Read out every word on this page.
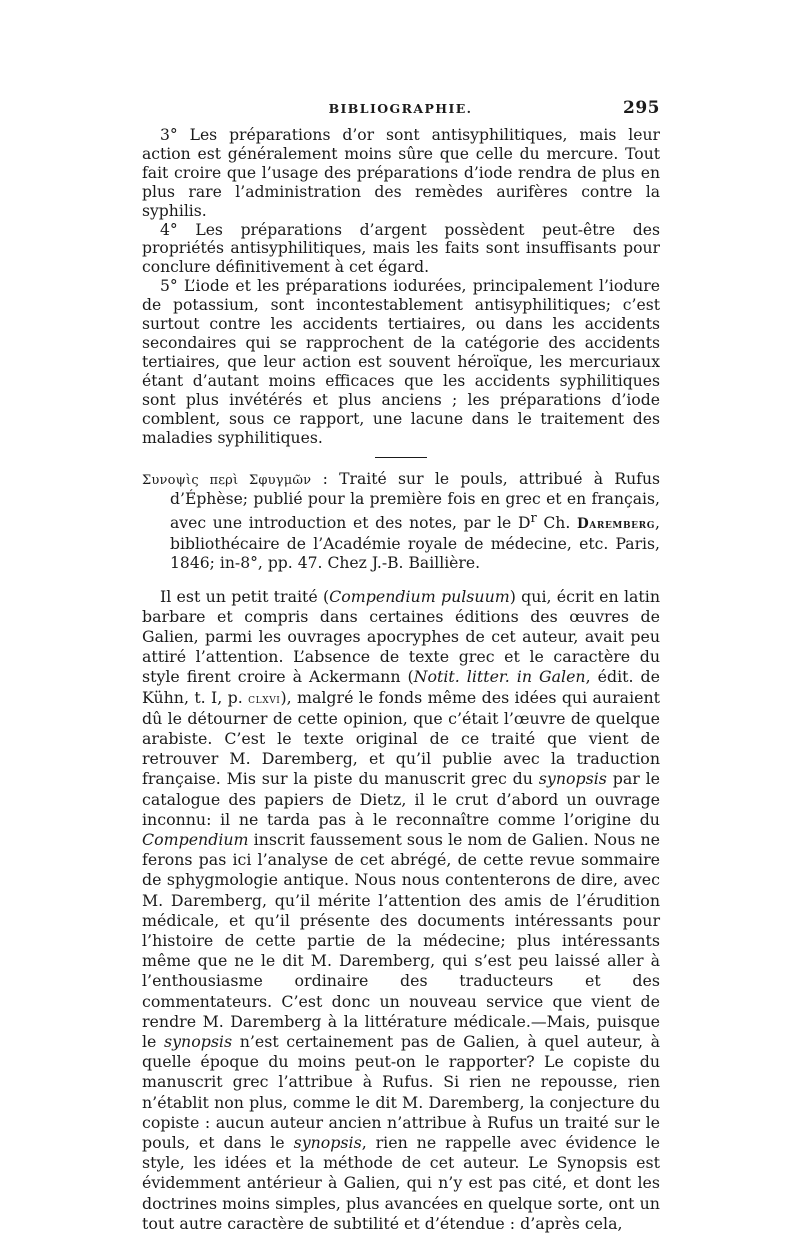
BIBLIOGRAPHIE.	295

3° Les préparations d’or sont antisyphilitiques, mais leur action est généralement moins sûre que celle du mercure. Tout fait croire que l’usage des préparations d’iode rendra de plus en plus rare l’administration des remèdes aurifères contre la syphilis.

4° Les préparations d’argent possèdent peut-être des propriétés antisyphilitiques, mais les faits sont insuffisants pour conclure définitivement à cet égard.

5° L’iode et les préparations iodurées, principalement l’iodure de potassium, sont incontestablement antisyphilitiques; c’est surtout contre les accidents tertiaires, ou dans les accidents secondaires qui se rapprochent de la catégorie des accidents tertiaires, que leur action est souvent héroïque, les mercuriaux étant d’autant moins efficaces que les accidents syphilitiques sont plus invétérés et plus anciens ; les préparations d’iode comblent, sous ce rapport, une lacune dans le traitement des maladies syphilitiques.

Συνοψὶς περὶ Σφυγμῶν : Traité sur le pouls, attribué à Rufus d’Éphèse; publié pour la première fois en grec et en français, avec une introduction et des notes, par le $D^r$ Ch. Daremberg, bibliothécaire de l’Académie royale de médecine, etc. Paris, 1846; in-8°, pp. 47. Chez J.-B. Baillière.

Il est un petit traité (Compendium pulsuum) qui, écrit en latin barbare et compris dans certaines éditions des œuvres de Galien, parmi les ouvrages apocryphes de cet auteur, avait peu attiré l’attention. L’absence de texte grec et le caractère du style firent croire à Ackermann (Notit. litter. in Galen, édit. de Kühn, t. I, p. clxvi), malgré le fonds même des idées qui auraient dû le détourner de cette opinion, que c’était l’œuvre de quelque arabiste. C’est le texte original de ce traité que vient de retrouver M. Daremberg, et qu’il publie avec la traduction française. Mis sur la piste du manuscrit grec du synopsis par le catalogue des papiers de Dietz, il le crut d’abord un ouvrage inconnu: il ne tarda pas à le reconnaître comme l’origine du Compendium inscrit faussement sous le nom de Galien. Nous ne ferons pas ici l’analyse de cet abrégé, de cette revue sommaire de sphygmologie antique. Nous nous contenterons de dire, avec M. Daremberg, qu’il mérite l’attention des amis de l’érudition médicale, et qu’il présente des documents intéressants pour l’histoire de cette partie de la médecine; plus intéressants même que ne le dit M. Daremberg, qui s’est peu laissé aller à l’enthousiasme ordinaire des traducteurs et des commentateurs. C’est donc un nouveau service que vient de rendre M. Daremberg à la littérature médicale.—Mais, puisque le synopsis n’est certainement pas de Galien, à quel auteur, à quelle époque du moins peut-on le rapporter? Le copiste du manuscrit grec l’attribue à Rufus. Si rien ne repousse, rien n’établit non plus, comme le dit M. Daremberg, la conjecture du copiste : aucun auteur ancien n’attribue à Rufus un traité sur le pouls, et dans le synopsis, rien ne rappelle avec évidence le style, les idées et la méthode de cet auteur. Le Synopsis est évidemment antérieur à Galien, qui n’y est pas cité, et dont les doctrines moins simples, plus avancées en quelque sorte, ont un tout autre caractère de subtilité et d’étendue : d’après cela,
